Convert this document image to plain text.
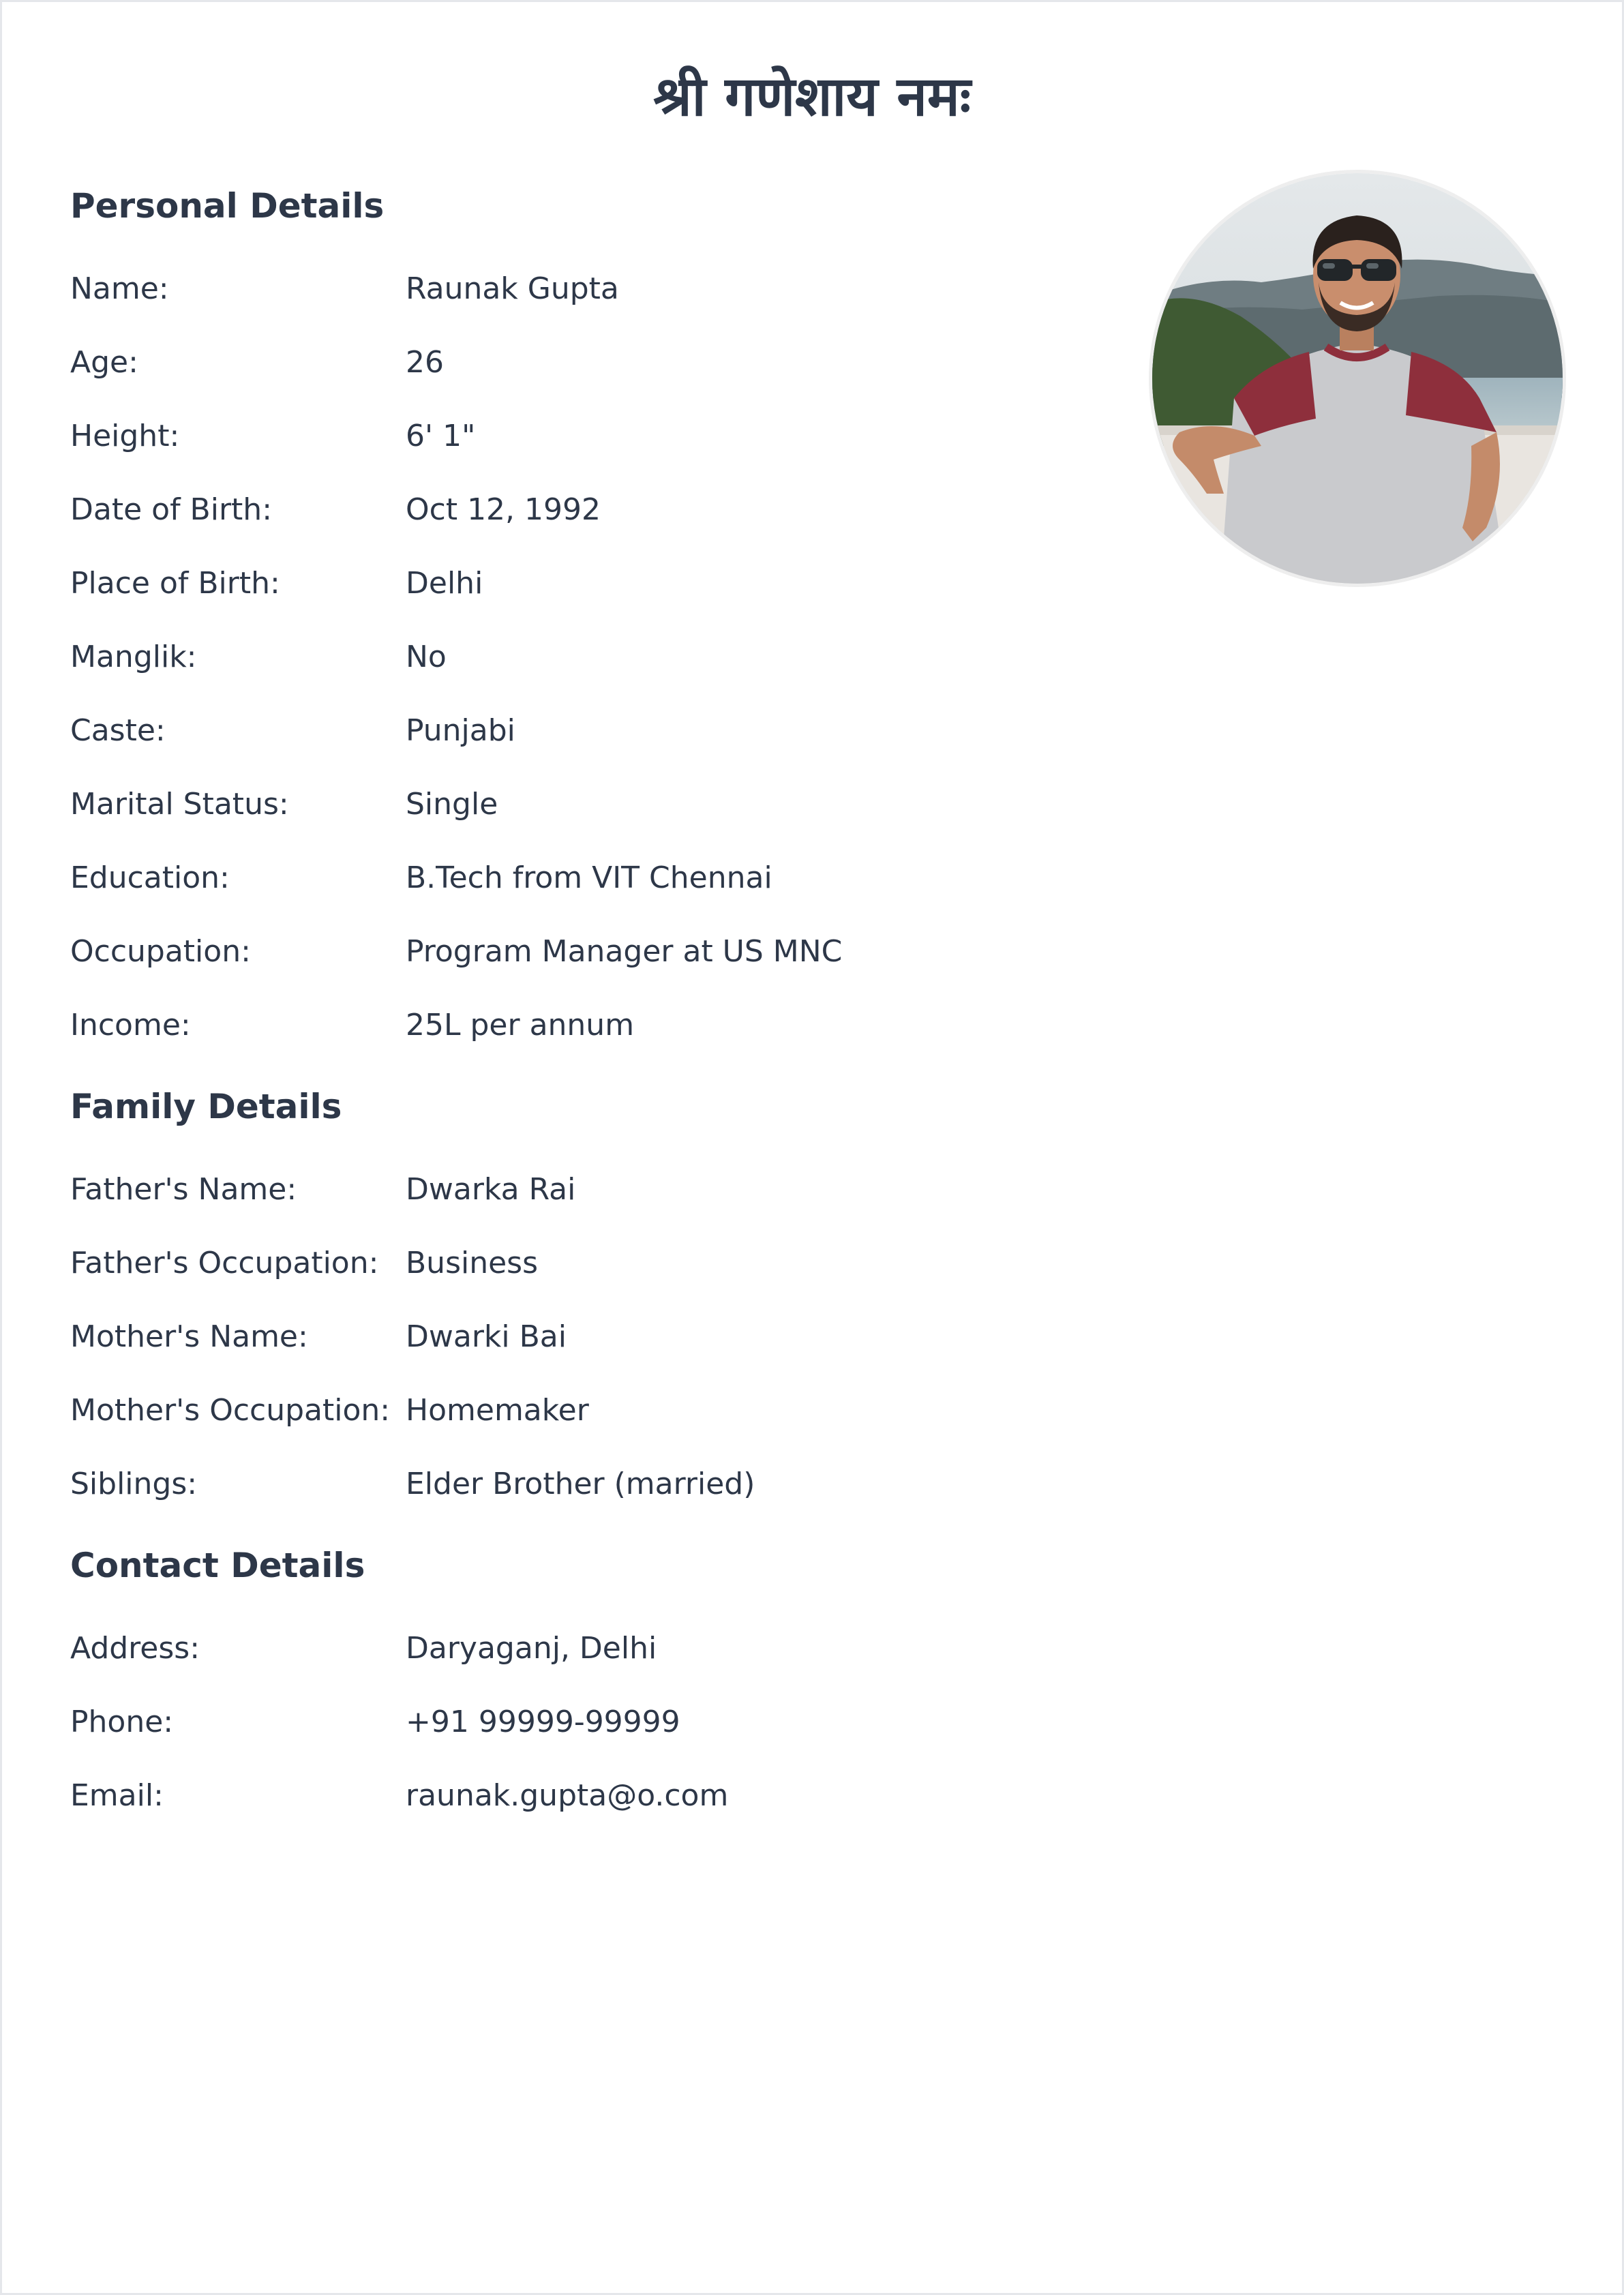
श्री गणेशाय नमः
Personal Details
Name:	Raunak Gupta
Age:	26
Height:	6' 1"
Date of Birth:	Oct 12, 1992
Place of Birth:	Delhi
Manglik:	No
Caste:	Punjabi
Marital Status:	Single
Education:	B.Tech from VIT Chennai
Occupation:	Program Manager at US MNC
Income:	25L per annum
Family Details
Father's Name:	Dwarka Rai
Father's Occupation: Business
Mother's Name:	Dwarki Bai
Mother's Occupation: Homemaker
Siblings:	Elder Brother (married)
Contact Details
Address:	Daryaganj, Delhi
Phone:	+91 99999-99999
Email:	raunak.gupta@o.com
